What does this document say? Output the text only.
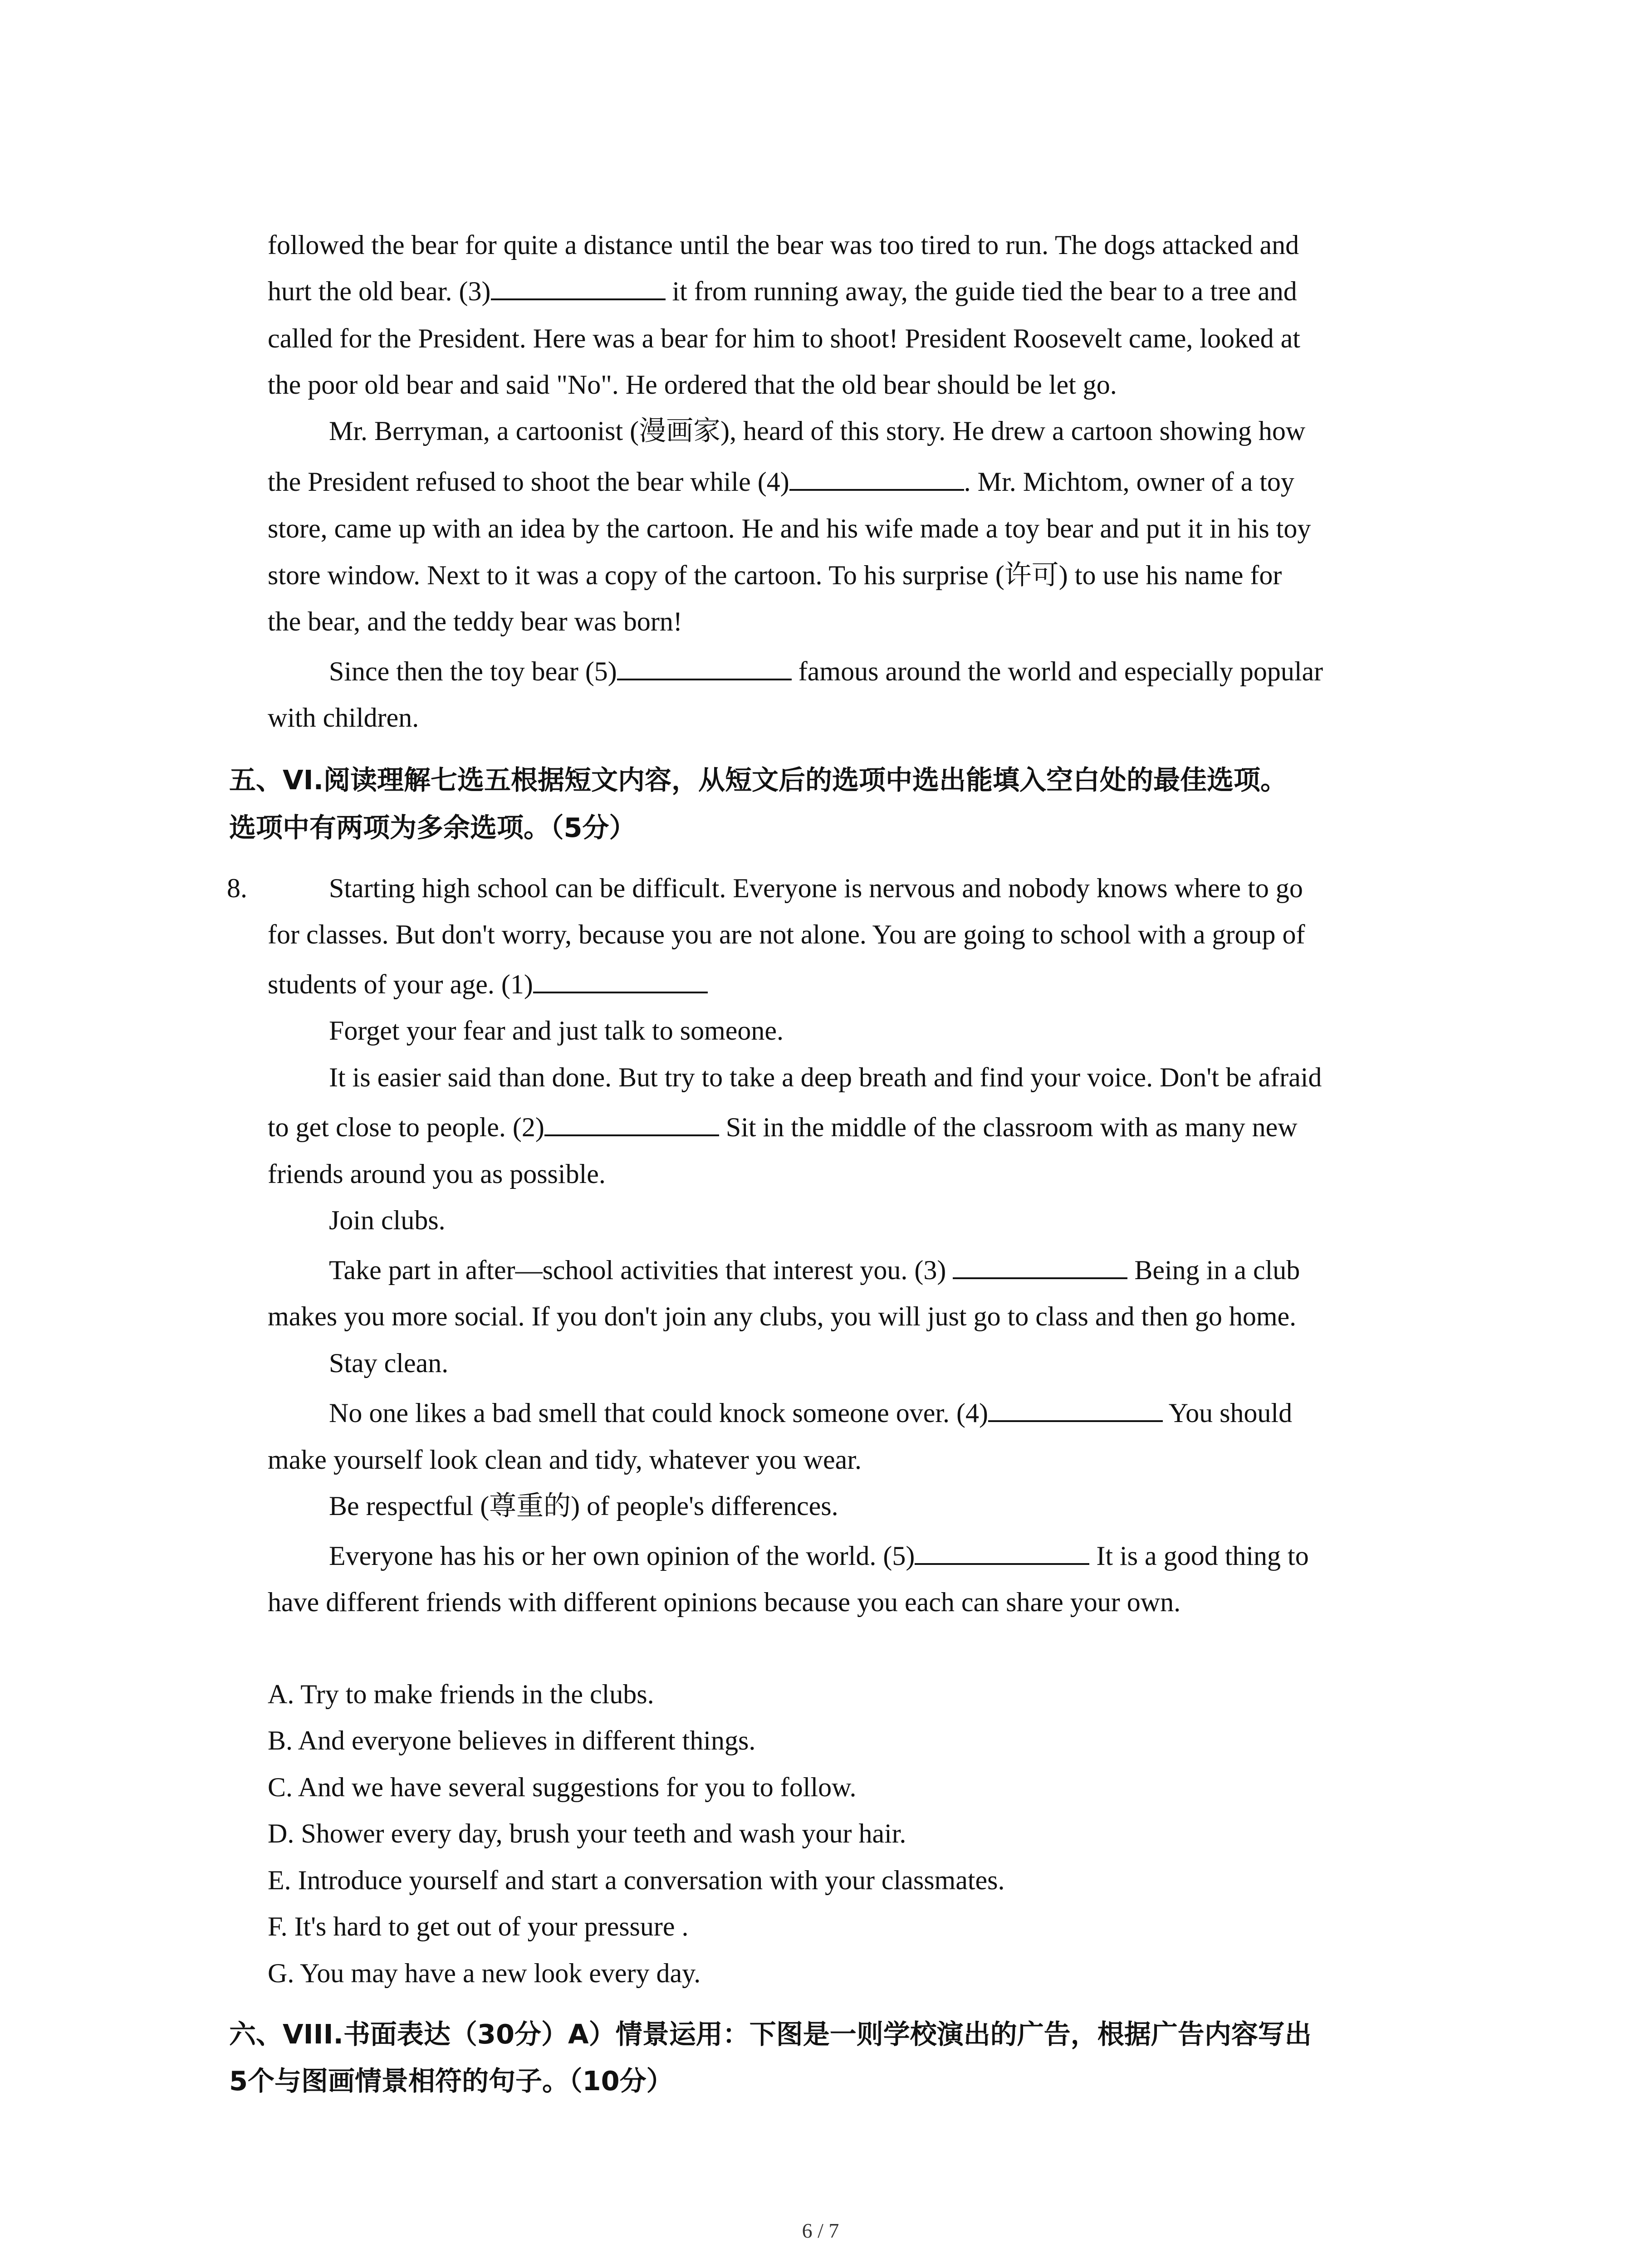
followed the bear for quite a distance until the bear was too tired to run. The dogs attacked and
hurt the old bear. (3)	it from running away, the guide tied the bear to a tree and
called for the President. Here was a bear for him to shoot! President Roosevelt came, looked at
the poor old bear and said "No". He ordered that the old bear should be let go.
Mr. Berryman, a cartoonist (漫画家), heard of this story. He drew a cartoon showing how
the President refused to shoot the bear while (4)	. Mr. Michtom, owner of a toy
store, came up with an idea by the cartoon. He and his wife made a toy bear and put it in his toy
store window. Next to it was a copy of the cartoon. To his surprise (许可) to use his name for
the bear, and the teddy bear was born!
Since then the toy bear (5)	famous around the world and especially popular
with children.
五、VI.阅读理解七选五根据短文内容，从短文后的选项中选出能填入空白处的最佳选项。
选项中有两项为多余选项。（5分）
8.	Starting high school can be difficult. Everyone is nervous and nobody knows where to go
for classes. But don't worry, because you are not alone. You are going to school with a group of
students of your age. (1)
Forget your fear and just talk to someone.
It is easier said than done. But try to take a deep breath and find your voice. Don't be afraid
to get close to people. (2)	Sit in the middle of the classroom with as many new
friends around you as possible.
Join clubs.
Take part in after—school activities that interest you. (3)	Being in a club
makes you more social. If you don't join any clubs, you will just go to class and then go home.
Stay clean.
No one likes a bad smell that could knock someone over. (4)	You should
make yourself look clean and tidy, whatever you wear.
Be respectful (尊重的) of people's differences.
Everyone has his or her own opinion of the world. (5)	It is a good thing to
have different friends with different opinions because you each can share your own.
A. Try to make friends in the clubs.
B. And everyone believes in different things.
C. And we have several suggestions for you to follow.
D. Shower every day, brush your teeth and wash your hair.
E. Introduce yourself and start a conversation with your classmates.
F. It's hard to get out of your pressure .
G. You may have a new look every day.
六、VIII.书面表达（30分）A）情景运用：下图是一则学校演出的广告，根据广告内容写出
5个与图画情景相符的句子。（10分）
6 / 7
